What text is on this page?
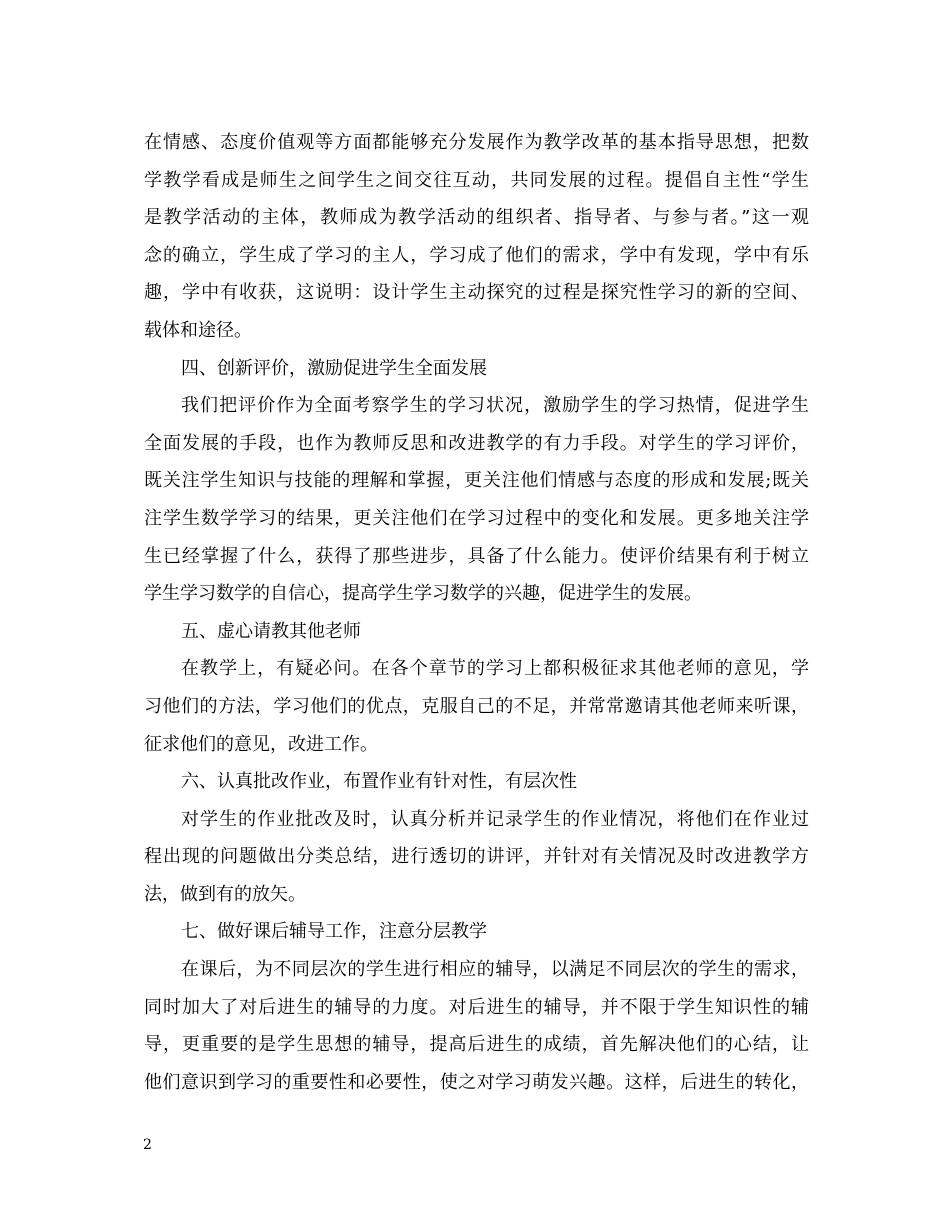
在情感、态度价值观等方面都能够充分发展作为教学改革的基本指导思想，把数
学教学看成是师生之间学生之间交往互动，共同发展的过程。提倡自主性“学生
是教学活动的主体，教师成为教学活动的组织者、指导者、与参与者。”这一观
念的确立，学生成了学习的主人，学习成了他们的需求，学中有发现，学中有乐
趣，学中有收获，这说明：设计学生主动探究的过程是探究性学习的新的空间、
载体和途径。
四、创新评价，激励促进学生全面发展
我们把评价作为全面考察学生的学习状况，激励学生的学习热情，促进学生
全面发展的手段，也作为教师反思和改进教学的有力手段。对学生的学习评价，
既关注学生知识与技能的理解和掌握，更关注他们情感与态度的形成和发展;既关
注学生数学学习的结果，更关注他们在学习过程中的变化和发展。更多地关注学
生已经掌握了什么，获得了那些进步，具备了什么能力。使评价结果有利于树立
学生学习数学的自信心，提高学生学习数学的兴趣，促进学生的发展。
五、虚心请教其他老师
在教学上，有疑必问。在各个章节的学习上都积极征求其他老师的意见，学
习他们的方法，学习他们的优点，克服自己的不足，并常常邀请其他老师来听课，
征求他们的意见，改进工作。
六、认真批改作业，布置作业有针对性，有层次性
对学生的作业批改及时，认真分析并记录学生的作业情况，将他们在作业过
程出现的问题做出分类总结，进行透切的讲评，并针对有关情况及时改进教学方
法，做到有的放矢。
七、做好课后辅导工作，注意分层教学
在课后，为不同层次的学生进行相应的辅导，以满足不同层次的学生的需求，
同时加大了对后进生的辅导的力度。对后进生的辅导，并不限于学生知识性的辅
导，更重要的是学生思想的辅导，提高后进生的成绩，首先解决他们的心结，让
他们意识到学习的重要性和必要性，使之对学习萌发兴趣。这样，后进生的转化，
2
